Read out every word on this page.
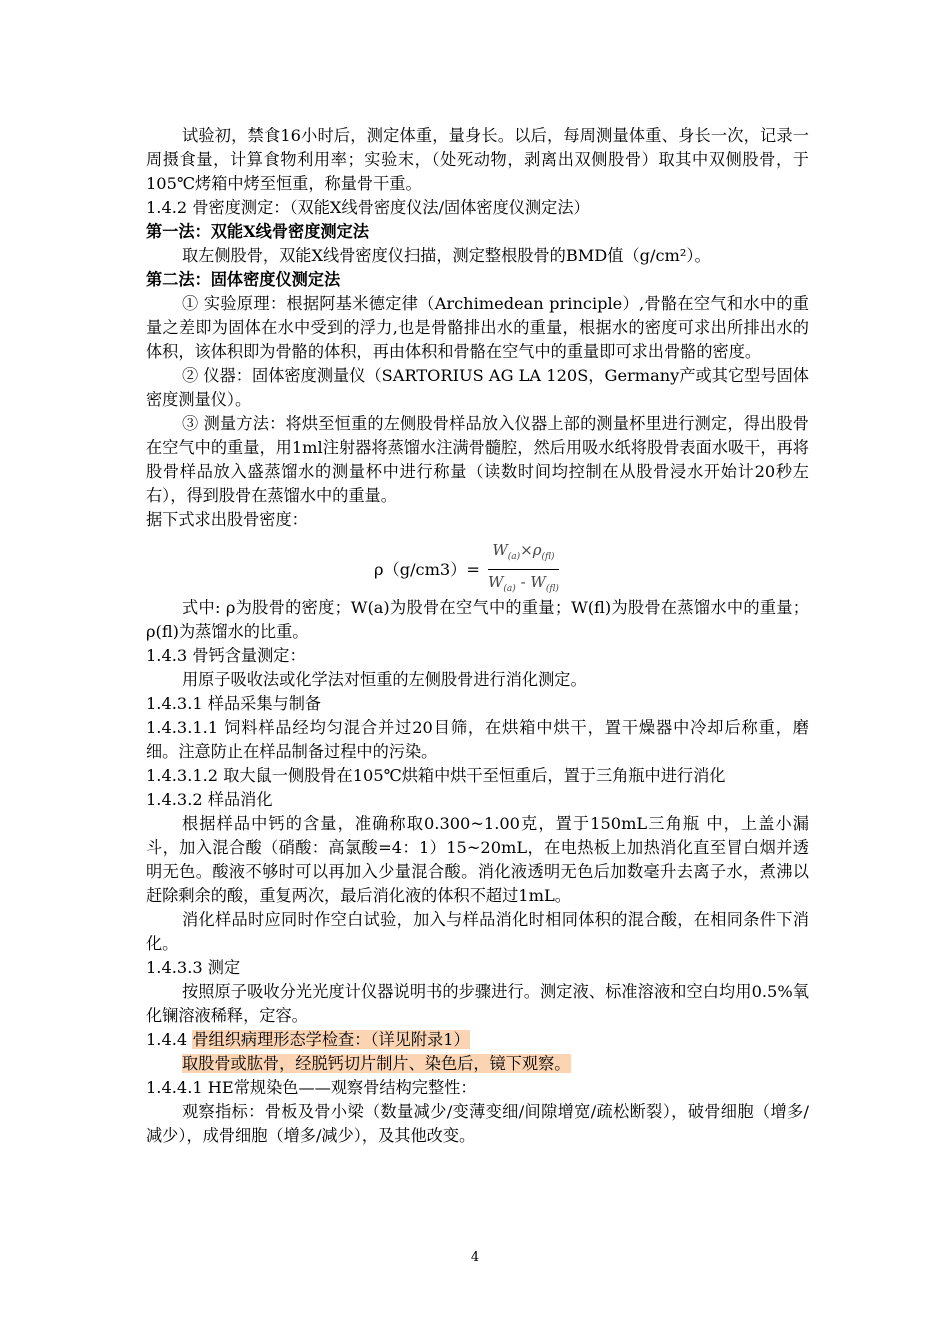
试验初，禁食16小时后，测定体重，量身长。以后，每周测量体重、身长一次，记录一周摄食量，计算食物利用率；实验末，（处死动物，剥离出双侧股骨）取其中双侧股骨，于105℃烤箱中烤至恒重，称量骨干重。

1.4.2 骨密度测定：（双能X线骨密度仪法/固体密度仪测定法）

第一法：双能X线骨密度测定法

取左侧股骨，双能X线骨密度仪扫描，测定整根股骨的BMD值（g/cm²）。

第二法：固体密度仪测定法

① 实验原理：根据阿基米德定律（Archimedean principle）,骨骼在空气和水中的重量之差即为固体在水中受到的浮力,也是骨骼排出水的重量，根据水的密度可求出所排出水的体积，该体积即为骨骼的体积，再由体积和骨骼在空气中的重量即可求出骨骼的密度。

② 仪器：固体密度测量仪（SARTORIUS AG LA 120S，Germany产或其它型号固体密度测量仪）。

③ 测量方法：将烘至恒重的左侧股骨样品放入仪器上部的测量杯里进行测定，得出股骨在空气中的重量，用1ml注射器将蒸馏水注满骨髓腔，然后用吸水纸将股骨表面水吸干，再将股骨样品放入盛蒸馏水的测量杯中进行称量（读数时间均控制在从股骨浸水开始计20秒左右），得到股骨在蒸馏水中的重量。

据下式求出股骨密度：

$\rho(g/cm3)= \frac{W_{(a)}\times\rho_{(fl)}}{W_{(a)} - W_{(fl)}}$

式中: ρ为股骨的密度；W(a)为股骨在空气中的重量；W(fl)为股骨在蒸馏水中的重量；ρ(fl)为蒸馏水的比重。

1.4.3 骨钙含量测定：

用原子吸收法或化学法对恒重的左侧股骨进行消化测定。

1.4.3.1 样品采集与制备

1.4.3.1.1 饲料样品经均匀混合并过20目筛，在烘箱中烘干，置干燥器中冷却后称重，磨细。注意防止在样品制备过程中的污染。

1.4.3.1.2 取大鼠一侧股骨在105℃烘箱中烘干至恒重后，置于三角瓶中进行消化

1.4.3.2 样品消化

根据样品中钙的含量，准确称取0.300~1.00克，置于150mL三角瓶 中，上盖小漏斗，加入混合酸（硝酸：高氯酸=4：1）15~20mL，在电热板上加热消化直至冒白烟并透明无色。酸液不够时可以再加入少量混合酸。消化液透明无色后加数毫升去离子水，煮沸以赶除剩余的酸，重复两次，最后消化液的体积不超过1mL。

消化样品时应同时作空白试验，加入与样品消化时相同体积的混合酸，在相同条件下消化。

1.4.3.3 测定

按照原子吸收分光光度计仪器说明书的步骤进行。测定液、标准溶液和空白均用0.5%氧化镧溶液稀释，定容。

1.4.4 骨组织病理形态学检查：（详见附录1）

取股骨或肱骨，经脱钙切片制片、染色后，镜下观察。

1.4.4.1 HE常规染色——观察骨结构完整性：

观察指标：骨板及骨小梁（数量减少/变薄变细/间隙增宽/疏松断裂），破骨细胞（增多/减少），成骨细胞（增多/减少），及其他改变。

4
